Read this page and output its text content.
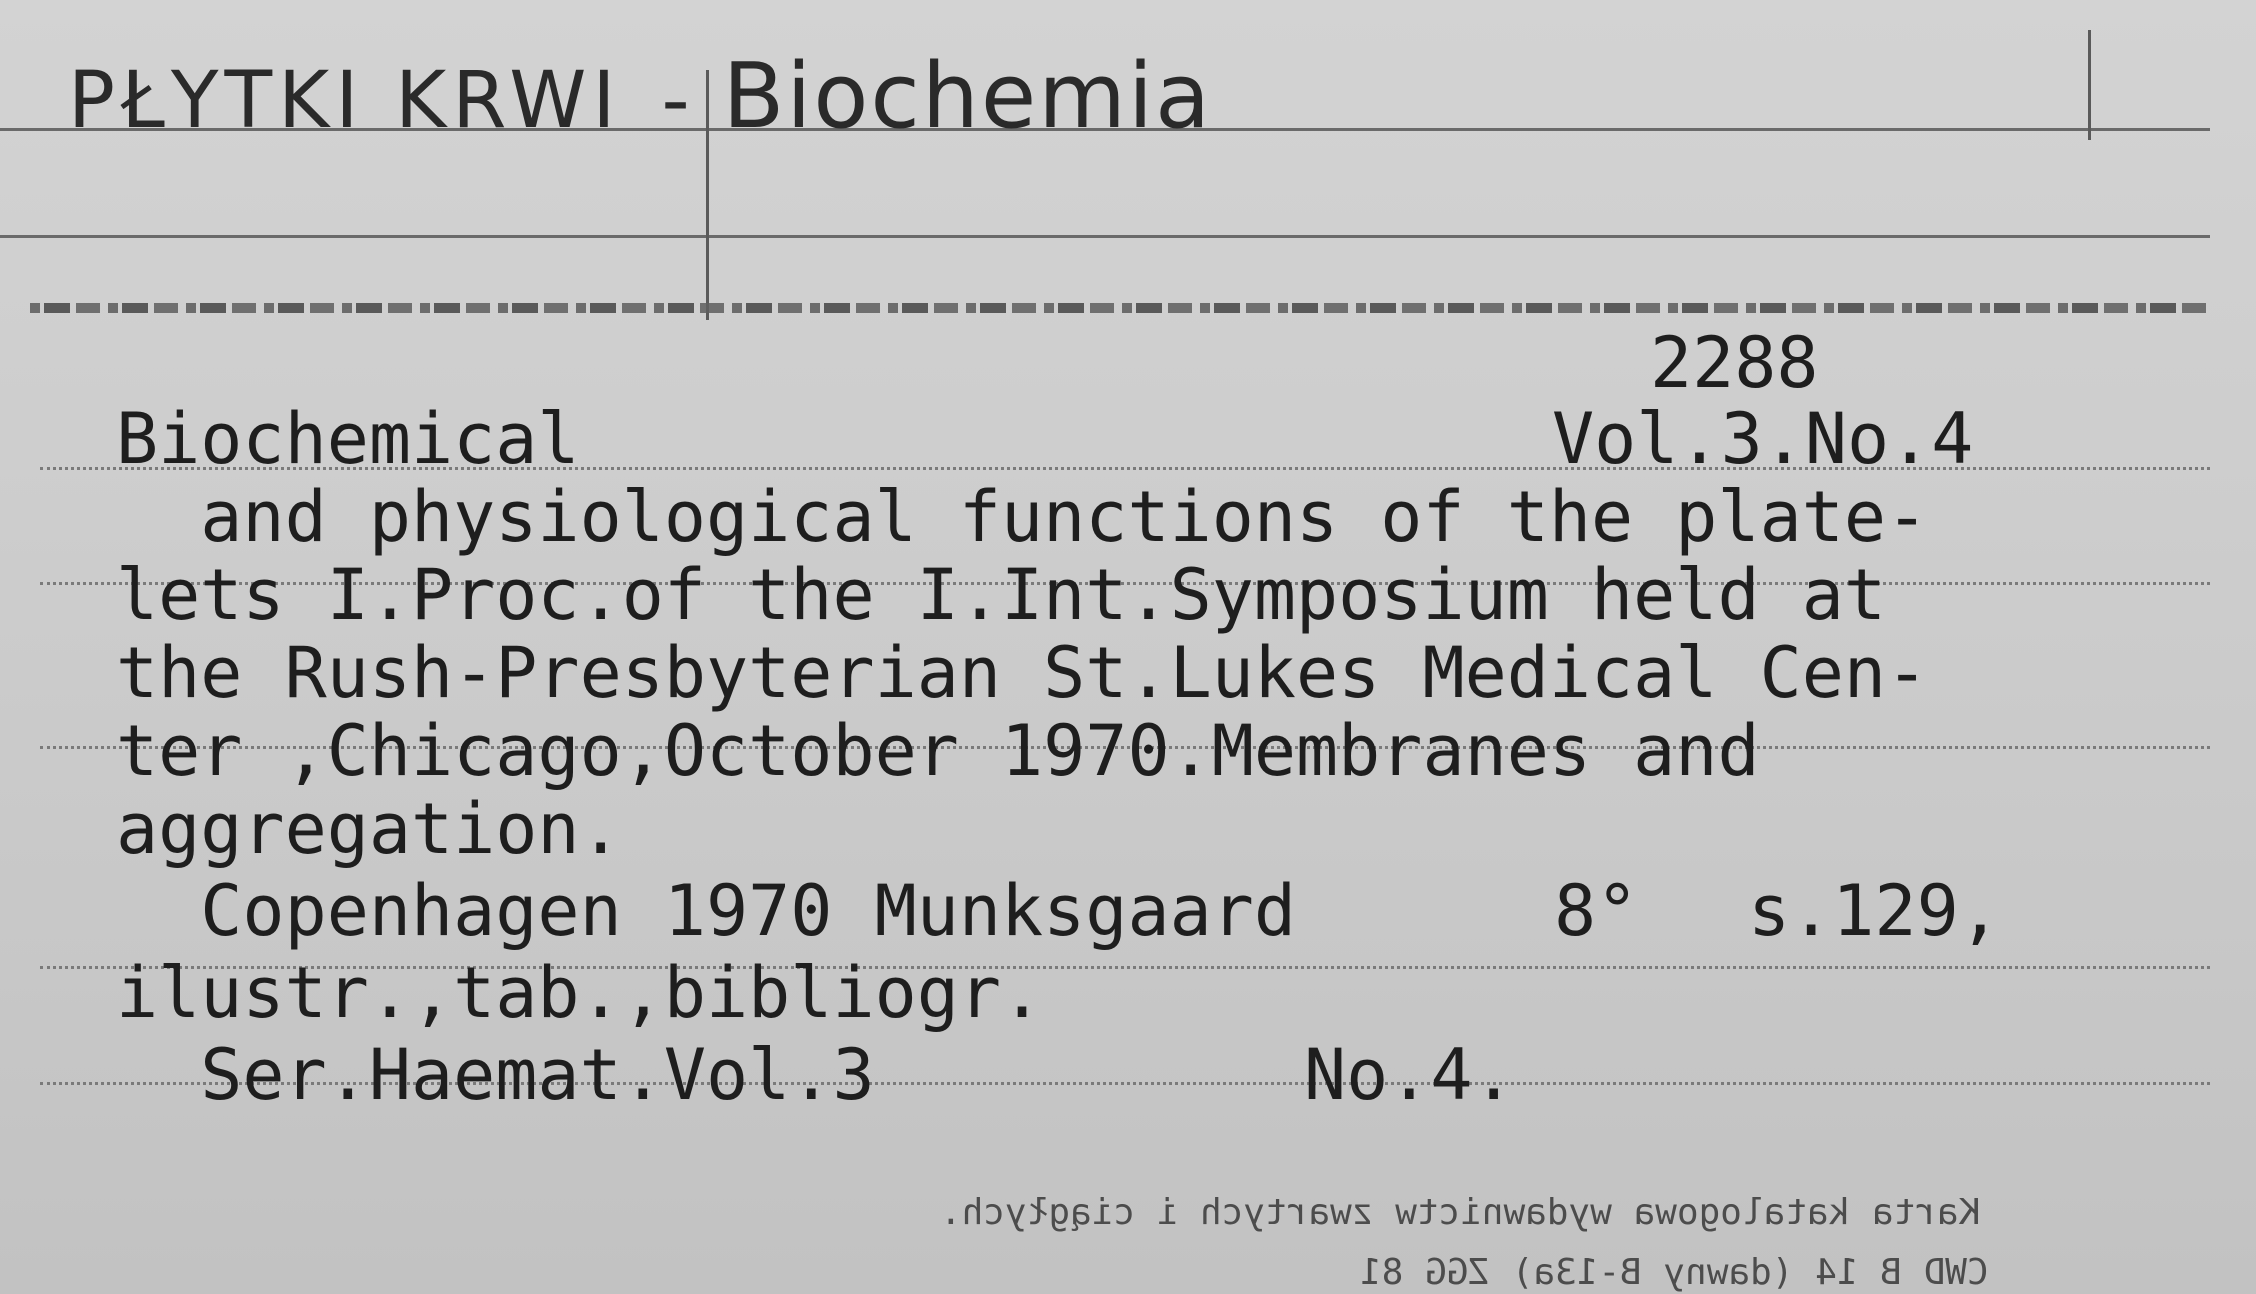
PŁYTKI KRWI - Biochemia
2288
Biochemical	Vol.3.No.4
and physiological functions of the plate-
lets I.Proc.of the I.Int.Symposium held at
the Rush-Presbyterian St.Lukes Medical Cen-
ter ,Chicago,October 1970.Membranes and
aggregation.
Copenhagen 1970 Munksgaard	8° s.129,
ilustr.,tab.,bibliogr.
Ser.Haemat.Vol.3	No.4.
Karta katalogowa wydawnictw zwartych i ciągłych.
CWD B 14 (dawny B-13a) ZGG 81
